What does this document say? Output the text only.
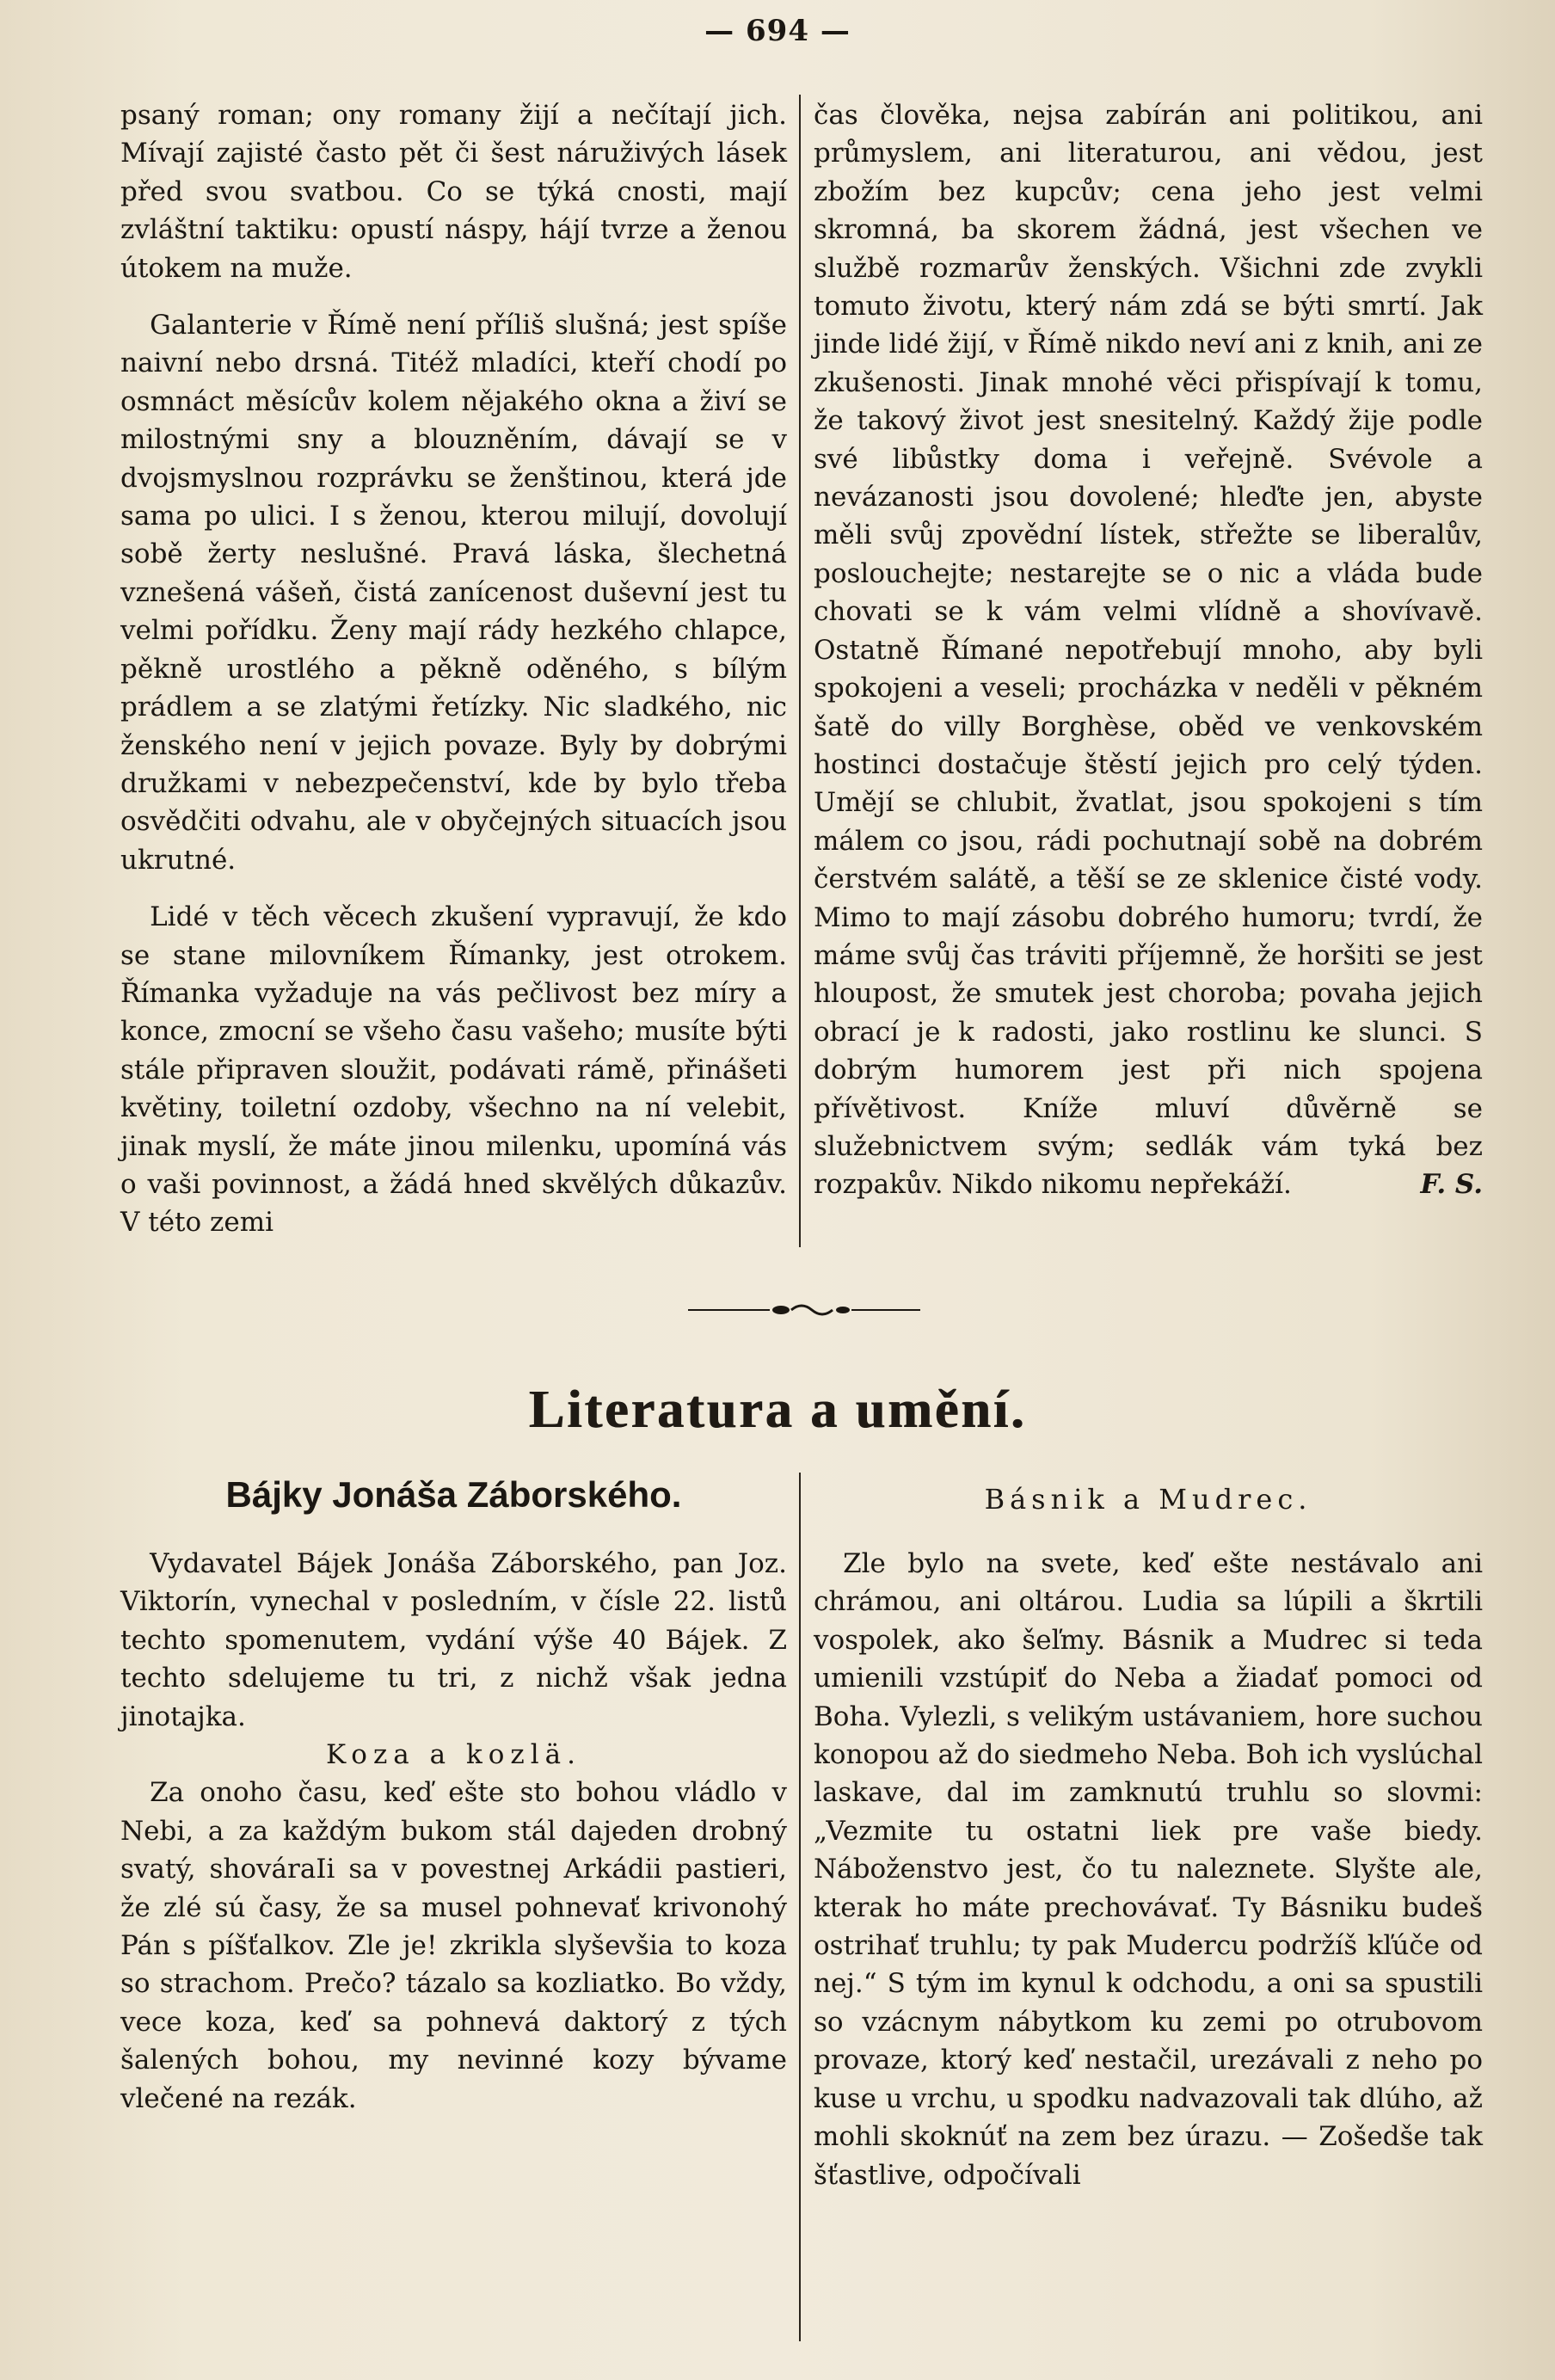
— 694 —

psaný roman; ony romany žijí a nečítají jich. Mívají zajisté často pět či šest náruživých lásek před svou svatbou. Co se týká cnosti, mají zvláštní taktiku: opustí náspy, hájí tvrze a ženou útokem na muže.

Galanterie v Římě není příliš slušná; jest spíše naivní nebo drsná. Titéž mladíci, kteří chodí po osmnáct měsícův kolem nějakého okna a živí se milostnými sny a blouzněním, dávají se v dvojsmyslnou rozprávku se ženštinou, která jde sama po ulici. I s ženou, kterou milují, dovolují sobě žerty neslušné. Pravá láska, šlechetná vznešená vášeň, čistá zanícenost duševní jest tu velmi pořídku. Ženy mají rády hezkého chlapce, pěkně urostlého a pěkně oděného, s bílým prádlem a se zlatými řetízky. Nic sladkého, nic ženského není v jejich povaze. Byly by dobrými družkami v nebezpečenství, kde by bylo třeba osvědčiti odvahu, ale v obyčejných situacích jsou ukrutné.

Lidé v těch věcech zkušení vypravují, že kdo se stane milovníkem Římanky, jest otrokem. Římanka vyžaduje na vás pečlivost bez míry a konce, zmocní se všeho času vašeho; musíte býti stále připraven sloužit, podávati rámě, přinášeti květiny, toiletní ozdoby, všechno na ní velebit, jinak myslí, že máte jinou milenku, upomíná vás o vaši povinnost, a žádá hned skvělých důkazův. V této zemi

čas člověka, nejsa zabírán ani politikou, ani průmyslem, ani literaturou, ani vědou, jest zbožím bez kupcův; cena jeho jest velmi skromná, ba skorem žádná, jest všechen ve službě rozmarův ženských. Všichni zde zvykli tomuto živοtu, který nám zdá se býti smrtí. Jak jinde lidé žijí, v Římě nikdo neví ani z knih, ani ze zkušenosti. Jinak mnohé věci přispívají k tomu, že takový život jest snesitelný. Každý žije podle své libůstky doma i veřejně. Svévole a nevázanosti jsou dovolené; hleďte jen, abyste měli svůj zpovědní lístek, střežte se liberalův, poslouchejte; nestarejte se o nic a vláda bude chovati se k vám velmi vlídně a shovívavě. Ostatně Římané nepotřebují mnoho, aby byli spokojeni a veseli; procházka v neděli v pěkném šatě do villy Borghèse, oběd ve venkovském hostinci dostačuje štěstí jejich pro celý týden. Umějí se chlubit, žvatlat, jsou spokojeni s tím málem co jsou, rádi pochutnají sobě na dobrém čerstvém salátě, a těší se ze sklenice čisté vody. Mimo to mají zásobu dobrého humoru; tvrdí, že máme svůj čas tráviti příjemně, že horšiti se jest hloupost, že smutek jest choroba; povaha jejich obrací je k radosti, jako rostlinu ke slunci. S dobrým humorem jest při nich spojena přívětivost. Kníže mluví důvěrně se služebnictvem svým; sedlák vám tyká bez rozpakův. Nikdo nikomu nepřekáží.	F. S.

Literatura a umění.
Bájky Jonáša Záborského.	Básnik a Mudrec.

Vydavatel Bájek Jonáša Záborského, pan Joz. Viktorín, vynechal v posledním, v čísle 22. listů techto spomenutem, vydání výše 40 Bájek. Z techto sdelujeme tu tri, z nichž však jedna jinotajka.

Koza a kozlä.

Za onoho času, keď ešte sto bohou vládlo v Nebi, a za každým bukom stál dajeden drobný svatý, shováraIi sa v povestnej Arkádii pastieri, že zlé sú časy, že sa musel pohnevať krivonohý Pán s píšťalkov. Zle je! zkrikla slyševšia to koza so strachom. Prečo? tázalo sa kozliatko. Bo vždy, vece koza, keď sa pohnevá daktorý z tých šalených bohou, my nevinné kozy bývame vlečené na rezák.

Zle bylo na svete, keď ešte nestávalo ani chrámou, ani oltárou. Ludia sa lúpili a škrtili vospolek, ako šeľmy. Básnik a Mudrec si teda umienili vzstúpiť do Neba a žiadať pomoci od Boha. Vylezli, s velikým ustávaniem, hore suchou konopou až do siedmeho Neba. Boh ich vyslúchal laskave, dal im zamknutú truhlu so slovmi: „Vezmite tu ostatni liek pre vaše biedy. Náboženstvo jest, čo tu naleznete. Slyšte ale, kterak ho máte prechovávať. Ty Básniku budeš ostrihať truhlu; ty pak Mudercu podržíš kľúče od nej.“ S tým im kynul k odchodu, a oni sa spustili so vzácnym nábytkom ku zemi po otrubovom provaze, ktorý keď nestačil, urezávali z neho po kuse u vrchu, u spodku nadvazovali tak dlúho, až mohli skoknúť na zem bez úrazu. — Zošedše tak šťastlive, odpočívali
